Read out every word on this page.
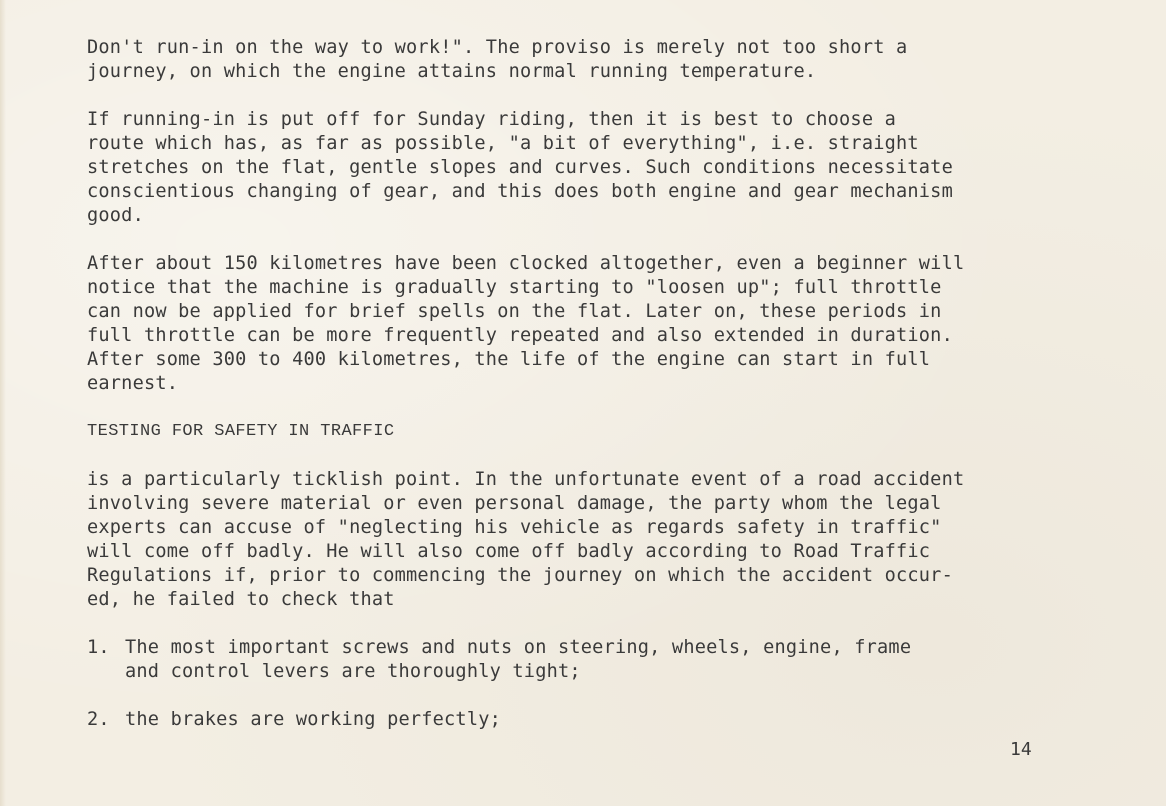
Don't run-in on the way to work!". The proviso is merely not too short a
journey, on which the engine attains normal running temperature.

If running-in is put off for Sunday riding, then it is best to choose a
route which has, as far as possible, "a bit of everything", i.e. straight
stretches on the flat, gentle slopes and curves. Such conditions necessitate
conscientious changing of gear, and this does both engine and gear mechanism
good.

After about 150 kilometres have been clocked altogether, even a beginner will
notice that the machine is gradually starting to "loosen up"; full throttle
can now be applied for brief spells on the flat. Later on, these periods in
full throttle can be more frequently repeated and also extended in duration.
After some 300 to 400 kilometres, the life of the engine can start in full
earnest.

TESTING FOR SAFETY IN TRAFFIC

is a particularly ticklish point. In the unfortunate event of a road accident
involving severe material or even personal damage, the party whom the legal
experts can accuse of "neglecting his vehicle as regards safety in traffic"
will come off badly. He will also come off badly according to Road Traffic
Regulations if, prior to commencing the journey on which the accident occur-
ed, he failed to check that

1. The most important screws and nuts on steering, wheels, engine, frame
and control levers are thoroughly tight;
2. the brakes are working perfectly;
14
